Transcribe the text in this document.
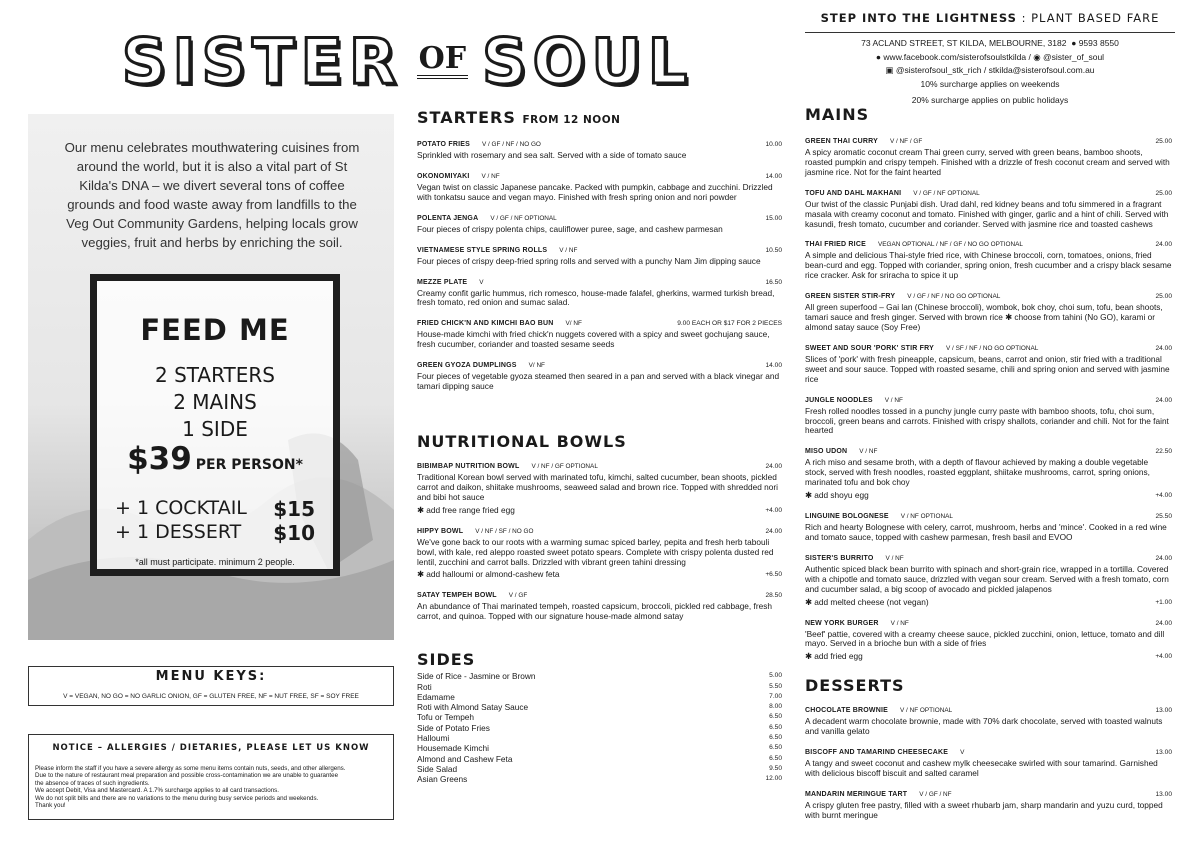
SISTER OF SOUL
Our menu celebrates mouthwatering cuisines from around the world, but it is also a vital part of St Kilda's DNA – we divert several tons of coffee grounds and food waste away from landfills to the Veg Out Community Gardens, helping locals grow veggies, fruit and herbs by enriching the soil.
FEED ME
2 STARTERS
2 MAINS
1 SIDE
$39 PER PERSON*
+ 1 COCKTAIL $15
+ 1 DESSERT $10
*all must participate. minimum 2 people.
MENU KEYS:
V = VEGAN, NO GO = NO GARLIC ONION, GF = GLUTEN FREE, NF = NUT FREE, SF = SOY FREE
NOTICE – ALLERGIES / DIETARIES, PLEASE LET US KNOW
Please inform the staff if you have a severe allergy as some menu items contain nuts, seeds, and other allergens.
Due to the nature of restaurant meal preparation and possible cross-contamination we are unable to guarantee
the absence of traces of such ingredients.
We accept Debit, Visa and Mastercard. A 1.7% surcharge applies to all card transactions.
We do not split bills and there are no variations to the menu during busy service periods and weekends.
Thank you!
STEP INTO THE LIGHTNESS : PLANT BASED FARE
73 ACLAND STREET, ST KILDA, MELBOURNE, 3182 ● 9593 8550
● www.facebook.com/sisterofsoulstkilda / ◉ @sister_of_soul
▣ @sisterofsoul_stk_rich / stkilda@sisterofsoul.com.au
10% surcharge applies on weekends
20% surcharge applies on public holidays
STARTERS FROM 12 NOON
POTATO FRIES V / GF / NF / NO GO	10.00
Sprinkled with rosemary and sea salt. Served with a side of tomato sauce
OKONOMIYAKI V / NF	14.00
Vegan twist on classic Japanese pancake. Packed with pumpkin, cabbage and zucchini. Drizzled with tonkatsu sauce and vegan mayo. Finished with fresh spring onion and nori powder
POLENTA JENGA V / GF / NF OPTIONAL	15.00
Four pieces of crispy polenta chips, cauliflower puree, sage, and cashew parmesan
VIETNAMESE STYLE SPRING ROLLS V / NF	10.50
Four pieces of crispy deep-fried spring rolls and served with a punchy Nam Jim dipping sauce
MEZZE PLATE V	16.50
Creamy confit garlic hummus, rich romesco, house-made falafel, gherkins, warmed turkish bread, fresh tomato, red onion and sumac salad.
FRIED CHICK'N AND KIMCHI BAO BUN V/ NF	9.00 EACH OR $17 FOR 2 PIECES
House-made kimchi with fried chick'n nuggets covered with a spicy and sweet gochujang sauce, fresh cucumber, coriander and toasted sesame seeds
GREEN GYOZA DUMPLINGS V/ NF	14.00
Four pieces of vegetable gyoza steamed then seared in a pan and served with a black vinegar and tamari dipping sauce
NUTRITIONAL BOWLS
BIBIMBAP NUTRITION BOWL V / NF / GF OPTIONAL	24.00
Traditional Korean bowl served with marinated tofu, kimchi, salted cucumber, bean shoots, pickled carrot and daikon, shiitake mushrooms, seaweed salad and brown rice. Topped with shredded nori and bibi hot sauce
✱ add free range fried egg	+4.00
HIPPY BOWL V / NF / SF / NO GO	24.00
We've gone back to our roots with a warming sumac spiced barley, pepita and fresh herb tabouli bowl, with kale, red aleppo roasted sweet potato spears. Complete with crispy polenta dusted red lentil, zucchini and carrot balls. Drizzled with vibrant green tahini dressing
✱ add halloumi or almond-cashew feta	+6.50
SATAY TEMPEH BOWL V / GF	28.50
An abundance of Thai marinated tempeh, roasted capsicum, broccoli, pickled red cabbage, fresh carrot, and quinoa. Topped with our signature house-made almond satay
SIDES
Side of Rice - Jasmine or Brown	5.00
Roti	5.50
Edamame	7.00
Roti with Almond Satay Sauce	8.00
Tofu or Tempeh	6.50
Side of Potato Fries	6.50
Halloumi	6.50
Housemade Kimchi	6.50
Almond and Cashew Feta	6.50
Side Salad	9.50
Asian Greens	12.00
MAINS
GREEN THAI CURRY V / NF / GF	25.00
A spicy aromatic coconut cream Thai green curry, served with green beans, bamboo shoots, roasted pumpkin and crispy tempeh. Finished with a drizzle of fresh coconut cream and served with jasmine rice. Not for the faint hearted
TOFU AND DAHL MAKHANI V / GF / NF OPTIONAL	25.00
Our twist of the classic Punjabi dish. Urad dahl, red kidney beans and tofu simmered in a fragrant masala with creamy coconut and tomato. Finished with ginger, garlic and a hint of chili. Served with kasundi, fresh tomato, cucumber and coriander. Served with jasmine rice and toasted cashews
THAI FRIED RICE VEGAN OPTIONAL / NF / GF / NO GO OPTIONAL	24.00
A simple and delicious Thai-style fried rice, with Chinese broccoli, corn, tomatoes, onions, fried bean-curd and egg. Topped with coriander, spring onion, fresh cucumber and a crispy black sesame rice cracker. Ask for sriracha to spice it up
GREEN SISTER STIR-FRY V / GF / NF / NO GO OPTIONAL	25.00
All green superfood – Gai lan (Chinese broccoli), wombok, bok choy, choi sum, tofu, bean shoots, tamari sauce and fresh ginger. Served with brown rice ✱ choose from tahini (No GO), karami or almond satay sauce (Soy Free)
SWEET AND SOUR 'PORK' STIR FRY V / SF / NF / NO GO OPTIONAL	24.00
Slices of 'pork' with fresh pineapple, capsicum, beans, carrot and onion, stir fried with a traditional sweet and sour sauce. Topped with roasted sesame, chili and spring onion and served with jasmine rice
JUNGLE NOODLES V / NF	24.00
Fresh rolled noodles tossed in a punchy jungle curry paste with bamboo shoots, tofu, choi sum, broccoli, green beans and carrots. Finished with crispy shallots, coriander and chili. Not for the faint hearted
MISO UDON V / NF	22.50
A rich miso and sesame broth, with a depth of flavour achieved by making a double vegetable stock, served with fresh noodles, roasted eggplant, shiitake mushrooms, carrot, spring onions, marinated tofu and bok choy
✱ add shoyu egg	+4.00
LINGUINE BOLOGNESE V / NF OPTIONAL	25.50
Rich and hearty Bolognese with celery, carrot, mushroom, herbs and 'mince'. Cooked in a red wine and tomato sauce, topped with cashew parmesan, fresh basil and EVOO
SISTER'S BURRITO V / NF	24.00
Authentic spiced black bean burrito with spinach and short-grain rice, wrapped in a tortilla. Covered with a chipotle and tomato sauce, drizzled with vegan sour cream. Served with a fresh tomato, corn and cucumber salad, a big scoop of avocado and pickled jalapenos
✱ add melted cheese (not vegan)	+1.00
NEW YORK BURGER V / NF	24.00
'Beef' pattie, covered with a creamy cheese sauce, pickled zucchini, onion, lettuce, tomato and dill mayo. Served in a brioche bun with a side of fries
✱ add fried egg	+4.00
DESSERTS
CHOCOLATE BROWNIE V / NF OPTIONAL	13.00
A decadent warm chocolate brownie, made with 70% dark chocolate, served with toasted walnuts and vanilla gelato
BISCOFF AND TAMARIND CHEESECAKE V	13.00
A tangy and sweet coconut and cashew mylk cheesecake swirled with sour tamarind. Garnished with delicious biscoff biscuit and salted caramel
MANDARIN MERINGUE TART V / GF / NF	13.00
A crispy gluten free pastry, filled with a sweet rhubarb jam, sharp mandarin and yuzu curd, topped with burnt meringue
